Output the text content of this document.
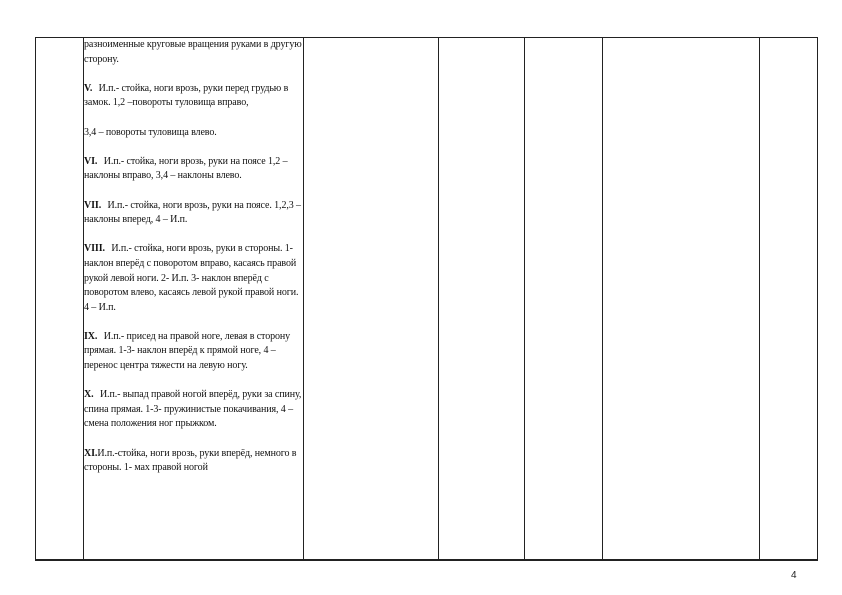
разноименные круговые вращения руками в другую сторону.

V. И.п.- стойка, ноги врозь, руки перед грудью в замок. 1,2 –повороты туловища вправо,

3,4 – повороты туловища влево.

VI. И.п.- стойка, ноги врозь, руки на поясе 1,2 – наклоны вправо, 3,4 – наклоны влево.

VII. И.п.- стойка, ноги врозь, руки на поясе. 1,2,3 – наклоны вперед, 4 – И.п.

VIII. И.п.- стойка, ноги врозь, руки в стороны. 1- наклон вперёд с поворотом вправо, касаясь правой рукой левой ноги. 2- И.п. 3- наклон вперёд с поворотом влево, касаясь левой рукой правой ноги. 4 – И.п.

IX. И.п.- присед на правой ноге, левая в сторону прямая. 1-3- наклон вперёд к прямой ноге, 4 – перенос центра тяжести на левую ногу.

X. И.п.- выпад правой ногой вперёд, руки за спину, спина прямая. 1-3- пружинистые покачивания, 4 – смена положения ног прыжком.

XI.И.п.-стойка, ноги врозь, руки вперёд, немного в стороны. 1- мах правой ногой

4
